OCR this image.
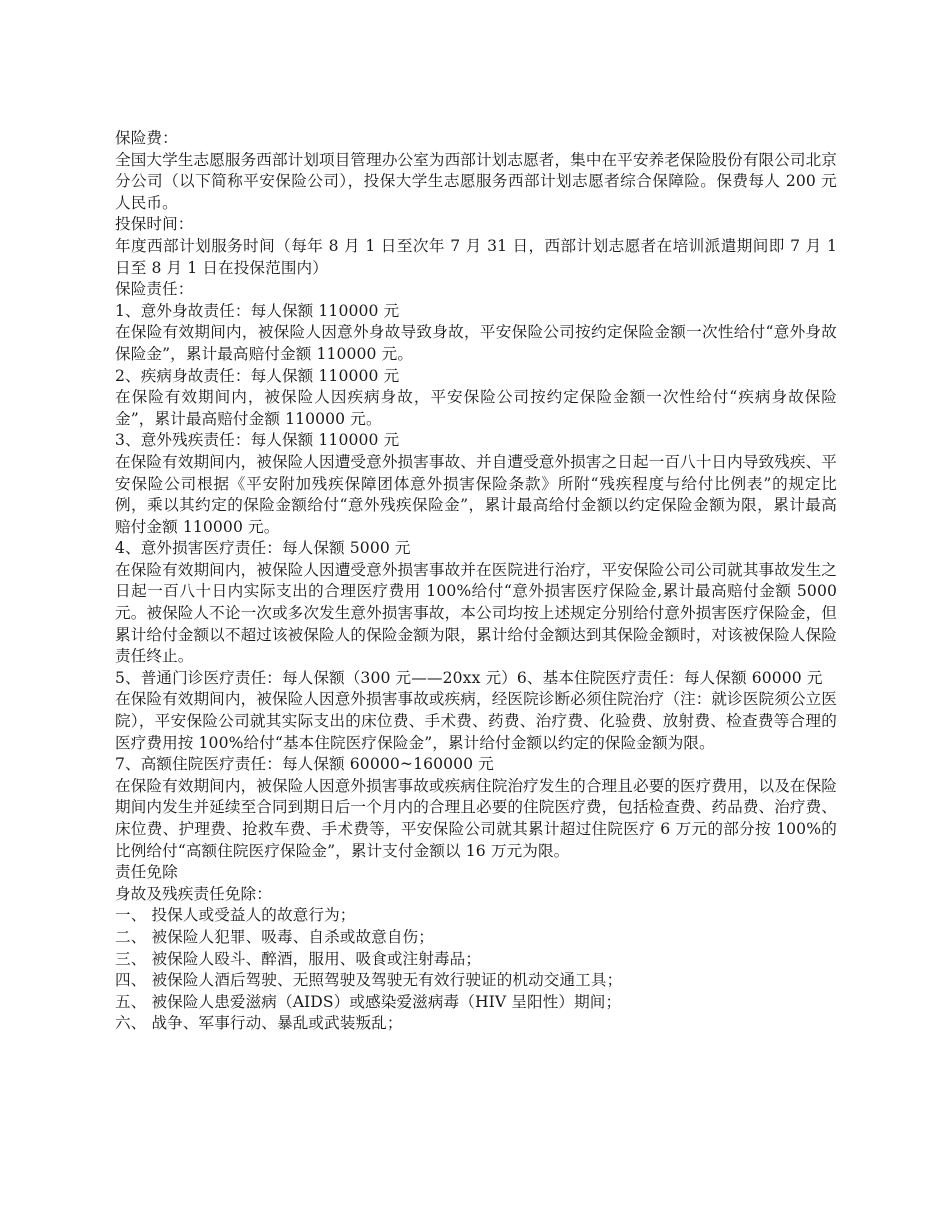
保险费：
全国大学生志愿服务西部计划项目管理办公室为西部计划志愿者，集中在平安养老保险股份有限公司北京分公司（以下简称平安保险公司），投保大学生志愿服务西部计划志愿者综合保障险。保费每人 200 元人民币。
投保时间：
年度西部计划服务时间（每年 8 月 1 日至次年 7 月 31 日，西部计划志愿者在培训派遣期间即 7 月 1 日至 8 月 1 日在投保范围内）
保险责任：
1、意外身故责任：每人保额 110000 元
在保险有效期间内，被保险人因意外身故导致身故，平安保险公司按约定保险金额一次性给付“意外身故保险金”，累计最高赔付金额 110000 元。
2、疾病身故责任：每人保额 110000 元
在保险有效期间内，被保险人因疾病身故，平安保险公司按约定保险金额一次性给付“疾病身故保险金”，累计最高赔付金额 110000 元。
3、意外残疾责任：每人保额 110000 元
在保险有效期间内，被保险人因遭受意外损害事故、并自遭受意外损害之日起一百八十日内导致残疾、平安保险公司根据《平安附加残疾保障团体意外损害保险条款》所附“残疾程度与给付比例表”的规定比例，乘以其约定的保险金额给付“意外残疾保险金”，累计最高给付金额以约定保险金额为限，累计最高赔付金额 110000 元。
4、意外损害医疗责任：每人保额 5000 元
在保险有效期间内，被保险人因遭受意外损害事故并在医院进行治疗，平安保险公司公司就其事故发生之日起一百八十日内实际支出的合理医疗费用 100%给付“意外损害医疗保险金,累计最高赔付金额 5000 元。被保险人不论一次或多次发生意外损害事故，本公司均按上述规定分别给付意外损害医疗保险金，但累计给付金额以不超过该被保险人的保险金额为限，累计给付金额达到其保险金额时，对该被保险人保险责任终止。
5、普通门诊医疗责任：每人保额（300 元——20xx 元）6、基本住院医疗责任：每人保额 60000 元
在保险有效期间内，被保险人因意外损害事故或疾病，经医院诊断必须住院治疗（注：就诊医院须公立医院），平安保险公司就其实际支出的床位费、手术费、药费、治疗费、化验费、放射费、检查费等合理的医疗费用按 100%给付“基本住院医疗保险金”，累计给付金额以约定的保险金额为限。
7、高额住院医疗责任：每人保额 60000~160000 元
在保险有效期间内，被保险人因意外损害事故或疾病住院治疗发生的合理且必要的医疗费用，以及在保险期间内发生并延续至合同到期日后一个月内的合理且必要的住院医疗费，包括检查费、药品费、治疗费、床位费、护理费、抢救车费、手术费等，平安保险公司就其累计超过住院医疗 6 万元的部分按 100%的比例给付“高额住院医疗保险金”，累计支付金额以 16 万元为限。
责任免除
身故及残疾责任免除：
一、 投保人或受益人的故意行为；
二、 被保险人犯罪、吸毒、自杀或故意自伤；
三、 被保险人殴斗、醉酒，服用、吸食或注射毒品；
四、 被保险人酒后驾驶、无照驾驶及驾驶无有效行驶证的机动交通工具；
五、 被保险人患爱滋病（AIDS）或感染爱滋病毒（HIV 呈阳性）期间；
六、 战争、军事行动、暴乱或武装叛乱；
